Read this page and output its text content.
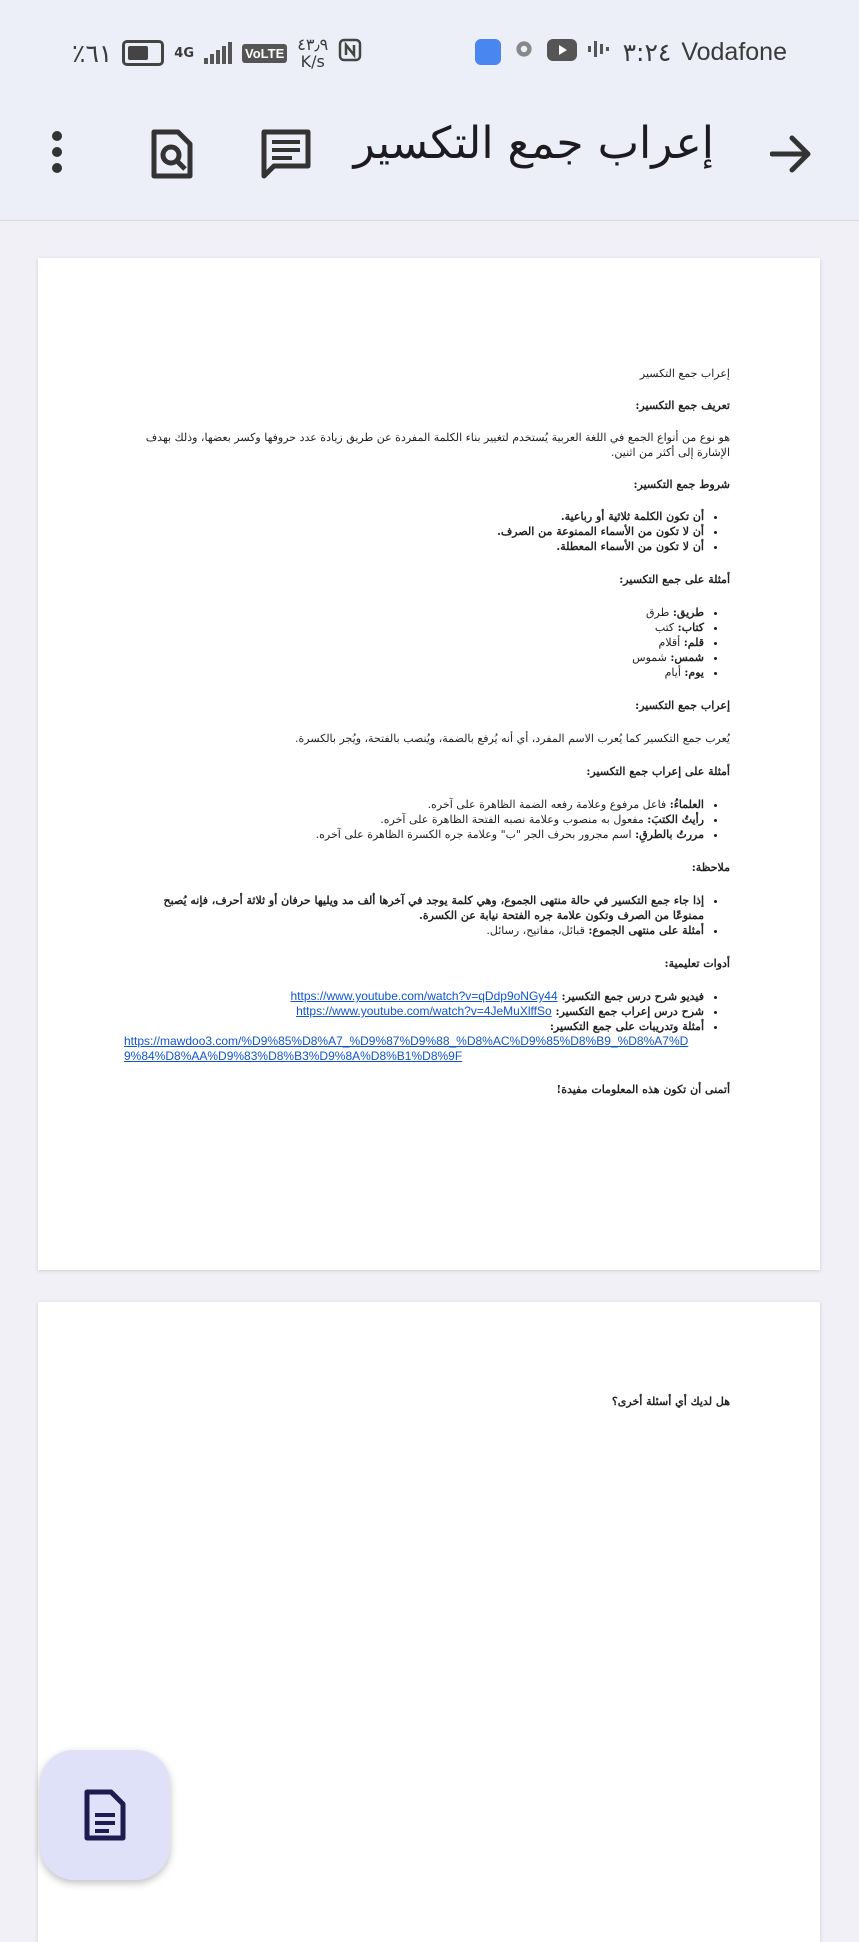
٪٦١	4G	VoLTE ٤٣٫٩
K/s	٣:٢٤ Vodafone
إعراب جمع التكسير

إعراب جمع التكسير

تعريف جمع التكسير:

هو نوع من أنواع الجمع في اللغة العربية يُستخدم لتغيير بناء الكلمة المفردة عن طريق زيادة عدد حروفها وكسر بعضها، وذلك بهدف الإشارة إلى أكثر من اثنين.

شروط جمع التكسير:

• أن تكون الكلمة ثلاثية أو رباعية.
• أن لا تكون من الأسماء الممنوعة من الصرف.
• أن لا تكون من الأسماء المعطلة.

أمثلة على جمع التكسير:

• طريق: طرق
• كتاب: كتب
• قلم: أقلام
• شمس: شموس
• يوم: أيام

إعراب جمع التكسير:

يُعرب جمع التكسير كما يُعرب الاسم المفرد، أي أنه يُرفع بالضمة، ويُنصب بالفتحة، ويُجر بالكسرة.

أمثلة على إعراب جمع التكسير:

• العلماءُ: فاعل مرفوع وعلامة رفعه الضمة الظاهرة على آخره.
• رأيتُ الكتبَ: مفعول به منصوب وعلامة نصبه الفتحة الظاهرة على آخره.
• مررتُ بالطرقِ: اسم مجرور بحرف الجر "ب" وعلامة جره الكسرة الظاهرة على آخره.

ملاحظة:

• إذا جاء جمع التكسير في حالة منتهى الجموع، وهي كلمة يوجد في آخرها ألف مد ويليها حرفان أو ثلاثة أحرف، فإنه يُصبح ممنوعًا من الصرف وتكون علامة جره الفتحة نيابة عن الكسرة.
• أمثلة على منتهى الجموع: قبائل، مفاتيح، رسائل.

أدوات تعليمية:

• فيديو شرح درس جمع التكسير: https://www.youtube.com/watch?v=qDdp9oNGy44
• شرح درس إعراب جمع التكسير: https://www.youtube.com/watch?v=4JeMuXlffSo
• أمثلة وتدريبات على جمع التكسير:
https://mawdoo3.com/%D9%85%D8%A7_%D9%87%D9%88_%D8%AC%D9%85%D8%B9_%D8%A7%D9%84%D8%AA%D9%83%D8%B3%D9%8A%D8%B1%D8%9F

أتمنى أن تكون هذه المعلومات مفيدة!

هل لديك أي أسئلة أخرى؟
